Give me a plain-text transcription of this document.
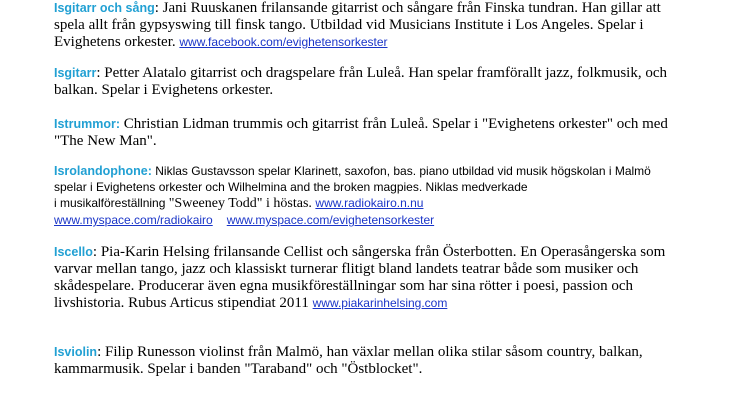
Isgitarr och sång: Jani Ruuskanen frilansande gitarrist och sångare från Finska tundran. Han gillar att
spela allt från gypsyswing till finsk tango. Utbildad vid Musicians Institute i Los Angeles. Spelar i
Evighetens orkester. www.facebook.com/evighetensorkester
Isgitarr: Petter Alatalo gitarrist och dragspelare från Luleå. Han spelar framförallt jazz, folkmusik, och
balkan. Spelar i Evighetens orkester.
Istrummor: Christian Lidman trummis och gitarrist från Luleå. Spelar i "Evighetens orkester" och med
"The New Man".
Isrolandophone: Niklas Gustavsson spelar Klarinett, saxofon, bas. piano utbildad vid musik högskolan i Malmö
spelar i Evighetens orkester och Wilhelmina and the broken magpies. Niklas medverkade
i musikalföreställning "Sweeney Todd" i höstas. www.radiokairo.n.nu
www.myspace.com/radiokairo www.myspace.com/evighetensorkester
Iscello: Pia-Karin Helsing frilansande Cellist och sångerska från Österbotten. En Operasångerska som
varvar mellan tango, jazz och klassiskt turnerar flitigt bland landets teatrar både som musiker och
skådespelare. Producerar även egna musikföreställningar som har sina rötter i poesi, passion och
livshistoria. Rubus Articus stipendiat 2011 www.piakarinhelsing.com
Isviolin: Filip Runesson violinst från Malmö, han växlar mellan olika stilar såsom country, balkan,
kammarmusik. Spelar i banden "Taraband" och "Östblocket".
